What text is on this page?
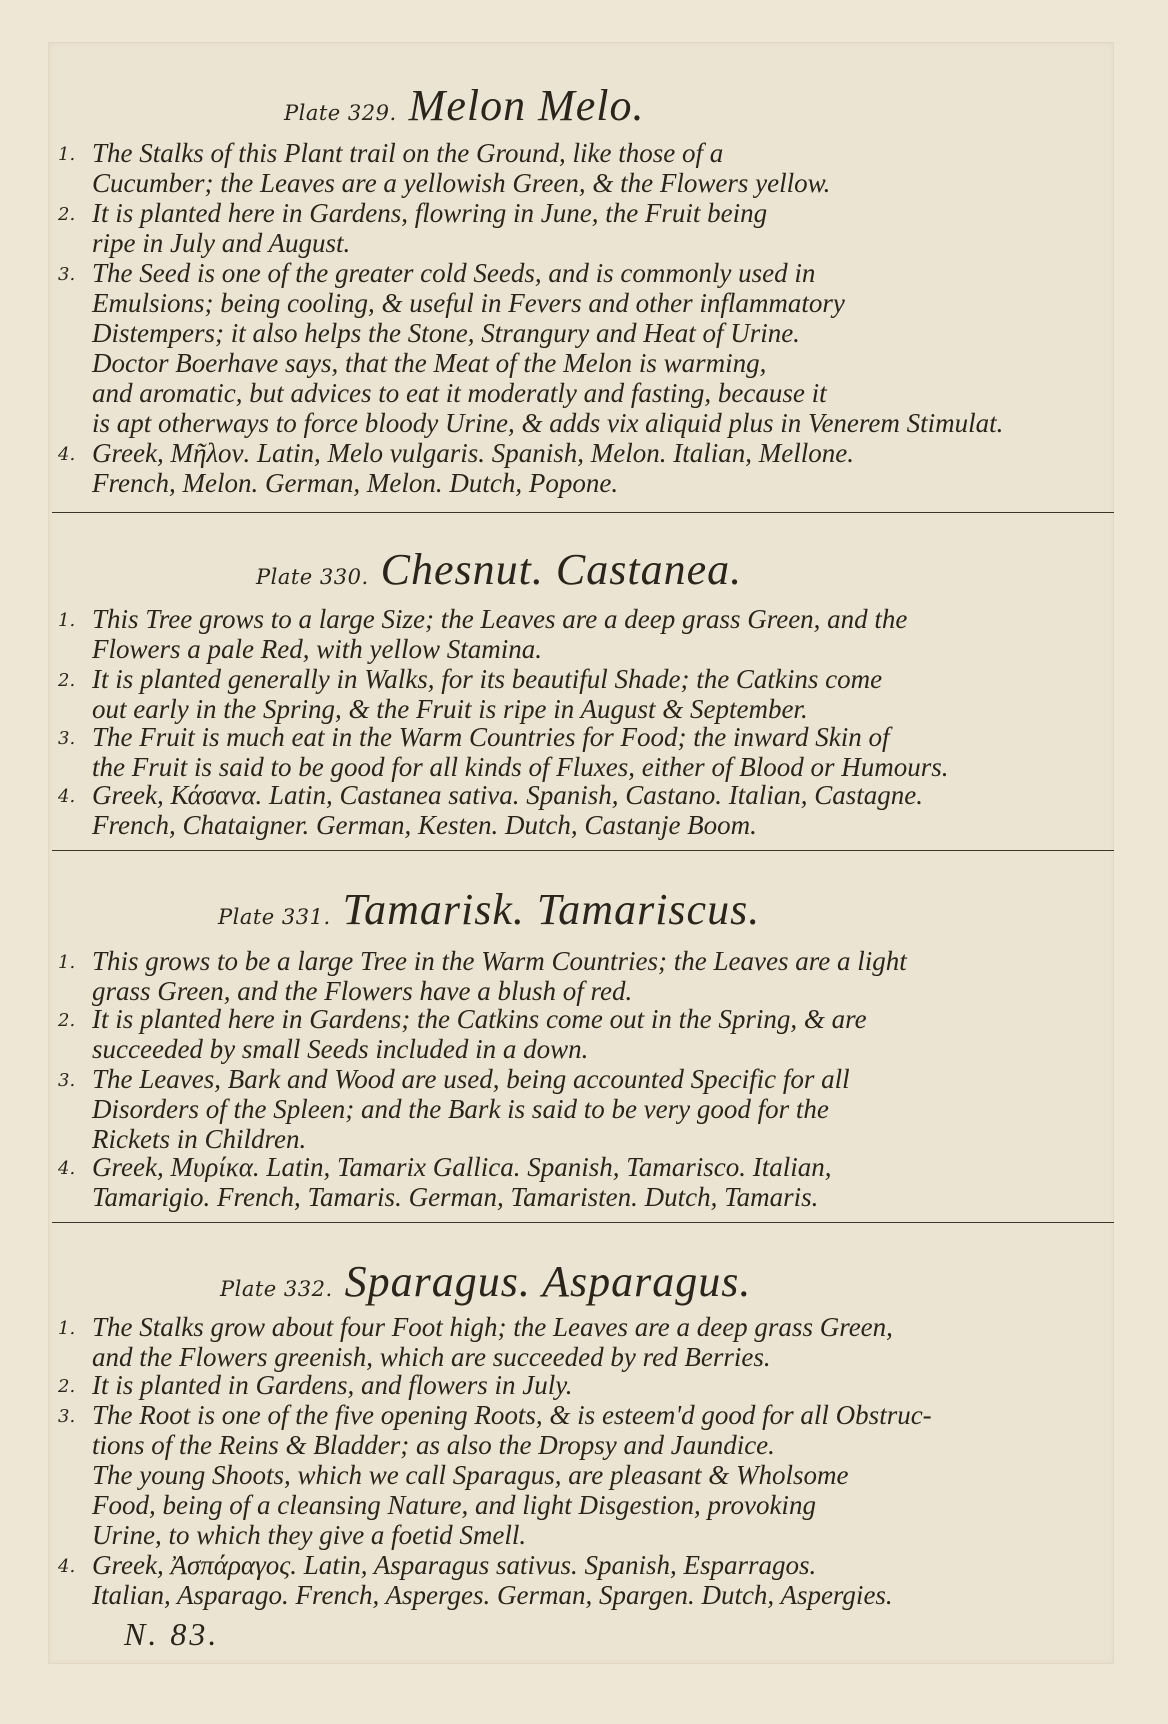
Plate 329. Melon Melo.
1. The Stalks of this Plant trail on the Ground, like those of a
Cucumber; the Leaves are a yellowish Green, & the Flowers yellow.
2. It is planted here in Gardens, flowring in June, the Fruit being
ripe in July and August.
3. The Seed is one of the greater cold Seeds, and is commonly used in
Emulsions; being cooling, & useful in Fevers and other inflammatory
Distempers; it also helps the Stone, Strangury and Heat of Urine.
Doctor Boerhave says, that the Meat of the Melon is warming,
and aromatic, but advices to eat it moderatly and fasting, because it
is apt otherways to force bloody Urine, & adds vix aliquid plus in Venerem Stimulat.
4. Greek, Μῆλον. Latin, Melo vulgaris. Spanish, Melon. Italian, Mellone.
French, Melon. German, Melon. Dutch, Popone.
Plate 330. Chesnut. Castanea.
1. This Tree grows to a large Size; the Leaves are a deep grass Green, and the
Flowers a pale Red, with yellow Stamina.
2. It is planted generally in Walks, for its beautiful Shade; the Catkins come
out early in the Spring, & the Fruit is ripe in August & September.
3. The Fruit is much eat in the Warm Countries for Food; the inward Skin of
the Fruit is said to be good for all kinds of Fluxes, either of Blood or Humours.
4. Greek, Κάσανα. Latin, Castanea sativa. Spanish, Castano. Italian, Castagne.
French, Chataigner. German, Kesten. Dutch, Castanje Boom.
Plate 331. Tamarisk. Tamariscus.
1. This grows to be a large Tree in the Warm Countries; the Leaves are a light
grass Green, and the Flowers have a blush of red.
2. It is planted here in Gardens; the Catkins come out in the Spring, & are
succeeded by small Seeds included in a down.
3. The Leaves, Bark and Wood are used, being accounted Specific for all
Disorders of the Spleen; and the Bark is said to be very good for the
Rickets in Children.
4. Greek, Μυρίκα. Latin, Tamarix Gallica. Spanish, Tamarisco. Italian,
Tamarigio. French, Tamaris. German, Tamaristen. Dutch, Tamaris.
Plate 332. Sparagus. Asparagus.
1. The Stalks grow about four Foot high; the Leaves are a deep grass Green,
and the Flowers greenish, which are succeeded by red Berries.
2. It is planted in Gardens, and flowers in July.
3. The Root is one of the five opening Roots, & is esteem'd good for all Obstruc-
tions of the Reins & Bladder; as also the Dropsy and Jaundice.
The young Shoots, which we call Sparagus, are pleasant & Wholsome
Food, being of a cleansing Nature, and light Disgestion, provoking
Urine, to which they give a foetid Smell.
4. Greek, Ἀσπάραγος. Latin, Asparagus sativus. Spanish, Esparragos.
Italian, Asparago. French, Asperges. German, Spargen. Dutch, Aspergies.
N. 83.
